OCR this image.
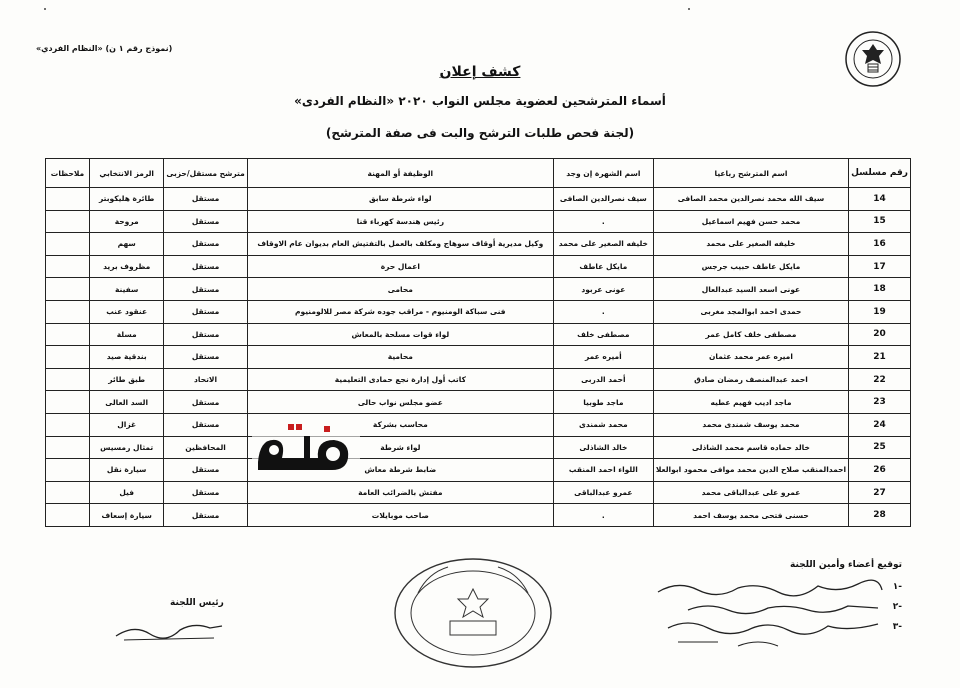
(نموذج رقم ١ ن) «النظام الفردي»
كشف إعلان
أسماء المترشحين لعضوية مجلس النواب ٢٠٢٠ «النظام الفردى»
(لجنة فحص طلبات الترشح والبت فى صفة المترشح)
رقم مسلسل	اسم المترشح رباعيا	اسم الشهرة إن وجد	الوظيفة أو المهنة	مترشح مستقل/حزبى	الرمز الانتخابي	ملاحظات
14	سيف الله محمد نصرالدين محمد الصافى	سيف نصرالدين الصافى	لواء شرطة سابق	مستقل	طائرة هليكوبتر	
15	محمد حسن فهيم اسماعيل	.	رئيس هندسة كهرباء قنا	مستقل	مروحة	
16	خليفه الصغير على محمد	خليفه الصغير على محمد	وكيل مديرية أوقاف سوهاج ومكلف بالعمل بالتفتيش العام بديوان عام الاوقاف	مستقل	سهم	
17	مايكل عاطف حبيب جرجس	مايكل عاطف	اعمال حرة	مستقل	مظروف بريد	
18	عونى اسعد السيد عبدالعال	عونى عربود	محامى	مستقل	سفينة	
19	حمدى احمد ابوالمجد مغربى	.	فنى سباكة الومنيوم - مراقب جوده شركة مصر للالومنيوم	مستقل	عنقود عنب	
20	مصطفى خلف كامل عمر	مصطفى خلف	لواء قوات مسلحة بالمعاش	مستقل	مسلة	
21	اميره عمر محمد عثمان	أميره عمر	محامية	مستقل	بندقية صيد	
22	احمد عبدالمنصف رمضان صادق	أحمد الدربى	كاتب أول إدارة نجع حمادى التعليمية	الاتحاد	طبق طائر	
23	ماجد اديب فهيم عطيه	ماجد طوبيا	عضو مجلس نواب حالى	مستقل	السد العالى	
24	محمد يوسف شمندى محمد	محمد شمندى	محاسب بشركة	مستقل	غزال	
25	خالد حماده قاسم محمد الشاذلى	خالد الشاذلى	لواء شرطة	المحافظين	تمثال رمسيس	
26	احمدالمنقب صلاح الدين محمد موافى محمود ابوالعلا	اللواء احمد المنقب	ضابط شرطة معاش	مستقل	سيارة نقل	
27	عمرو على عبدالباقى محمد	عمرو عبدالباقى	مفتش بالضرائب العامة	مستقل	فيل	
28	حسنى فتحى محمد يوسف احمد	.	صاحب موبايلات	مستقل	سيارة إسعاف	
توقيع أعضاء وأمين اللجنة
-١
-٢
-٣
رئيس اللجنة
